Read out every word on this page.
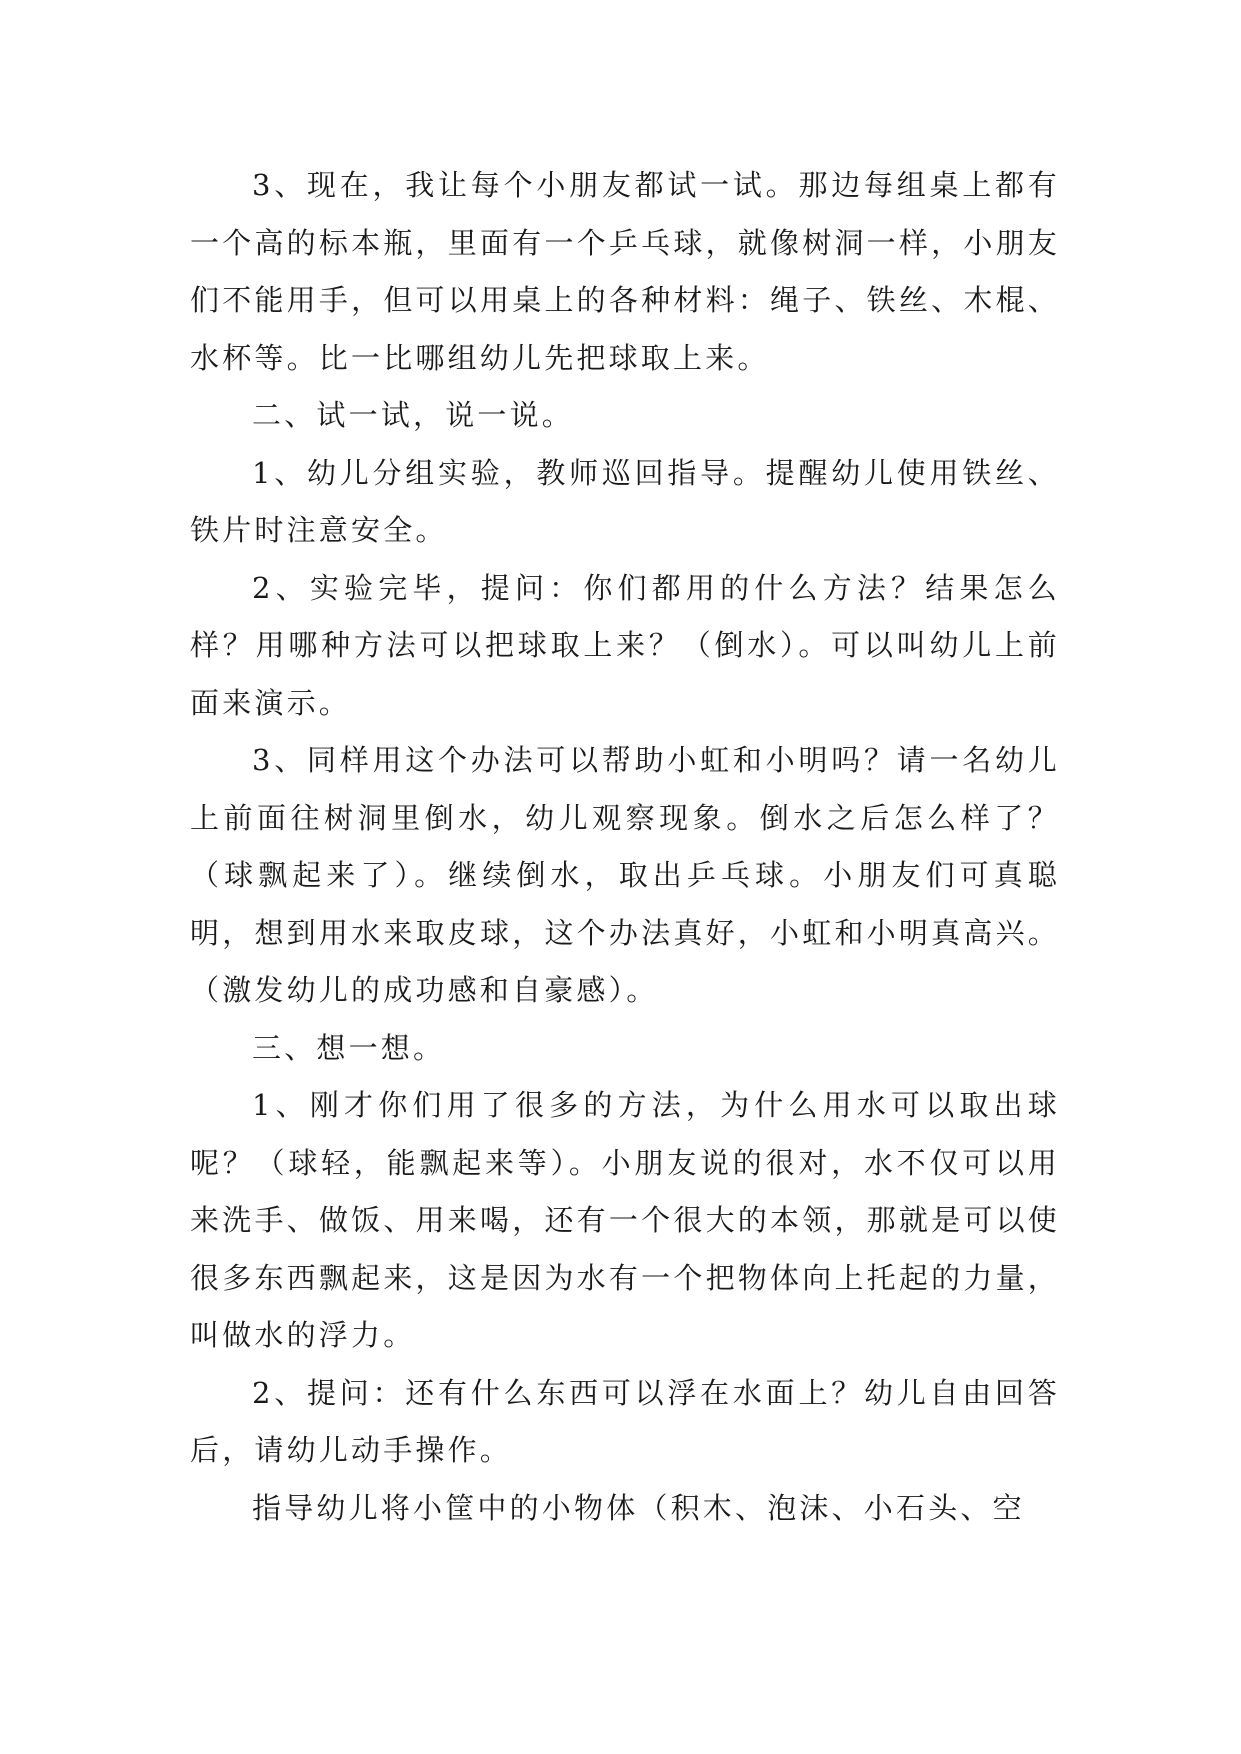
3、现在，我让每个小朋友都试一试。那边每组桌上都有一个高的标本瓶，里面有一个乒乓球，就像树洞一样，小朋友们不能用手，但可以用桌上的各种材料：绳子、铁丝、木棍、水杯等。比一比哪组幼儿先把球取上来。

二、试一试，说一说。

1、幼儿分组实验，教师巡回指导。提醒幼儿使用铁丝、铁片时注意安全。

2、实验完毕，提问：你们都用的什么方法？结果怎么样？用哪种方法可以把球取上来？（倒水）。可以叫幼儿上前面来演示。

3、同样用这个办法可以帮助小虹和小明吗？请一名幼儿上前面往树洞里倒水，幼儿观察现象。倒水之后怎么样了？（球飘起来了）。继续倒水，取出乒乓球。小朋友们可真聪明，想到用水来取皮球，这个办法真好，小虹和小明真高兴。（激发幼儿的成功感和自豪感）。

三、想一想。

1、刚才你们用了很多的方法，为什么用水可以取出球呢？（球轻，能飘起来等）。小朋友说的很对，水不仅可以用来洗手、做饭、用来喝，还有一个很大的本领，那就是可以使很多东西飘起来，这是因为水有一个把物体向上托起的力量，叫做水的浮力。

2、提问：还有什么东西可以浮在水面上？幼儿自由回答后，请幼儿动手操作。

指导幼儿将小筐中的小物体（积木、泡沫、小石头、空
